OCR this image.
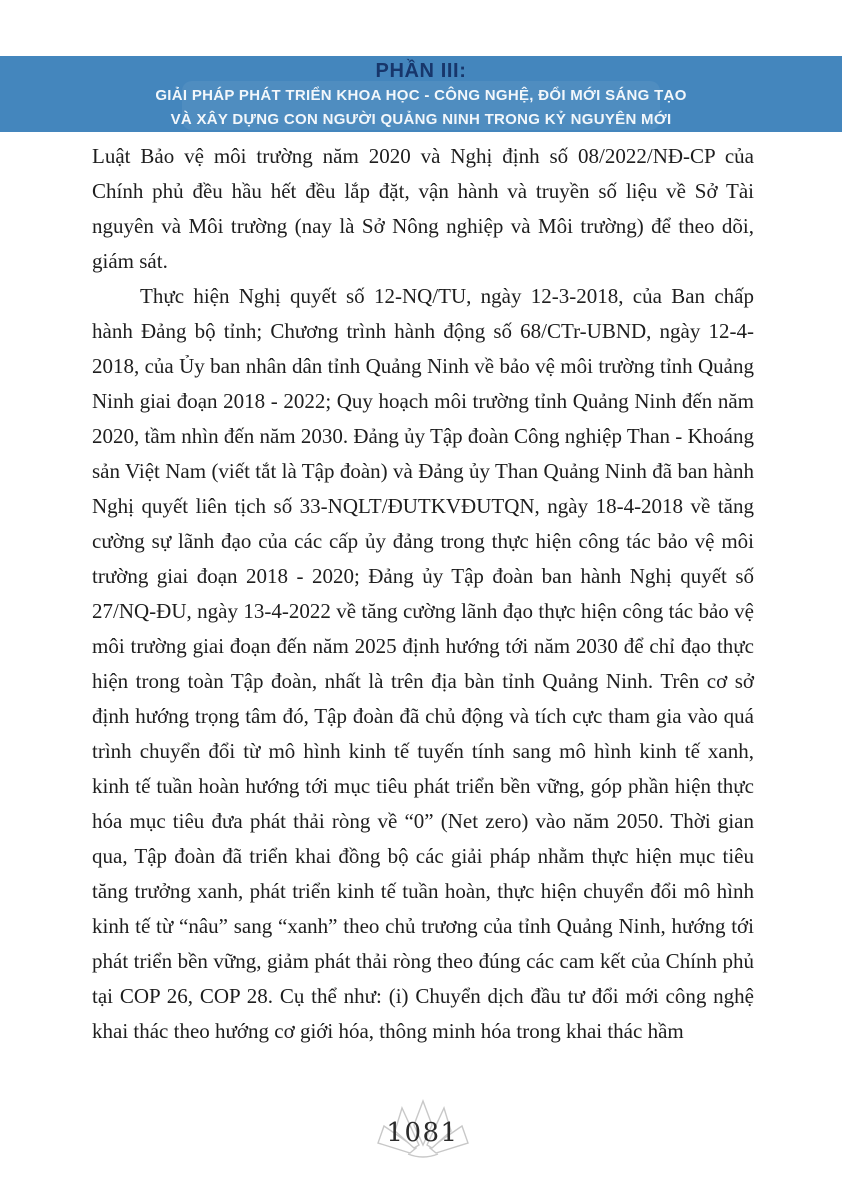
PHẦN III:
GIẢI PHÁP PHÁT TRIỂN KHOA HỌC - CÔNG NGHỆ, ĐỔI MỚI SÁNG TẠO
VÀ XÂY DỰNG CON NGƯỜI QUẢNG NINH TRONG KỶ NGUYÊN MỚI

Luật Bảo vệ môi trường năm 2020 và Nghị định số 08/2022/NĐ-CP của Chính phủ đều hầu hết đều lắp đặt, vận hành và truyền số liệu về Sở Tài nguyên và Môi trường (nay là Sở Nông nghiệp và Môi trường) để theo dõi, giám sát.

Thực hiện Nghị quyết số 12-NQ/TU, ngày 12-3-2018, của Ban chấp hành Đảng bộ tỉnh; Chương trình hành động số 68/CTr-UBND, ngày 12-4-2018, của Ủy ban nhân dân tỉnh Quảng Ninh về bảo vệ môi trường tỉnh Quảng Ninh giai đoạn 2018 - 2022; Quy hoạch môi trường tỉnh Quảng Ninh đến năm 2020, tầm nhìn đến năm 2030. Đảng ủy Tập đoàn Công nghiệp Than - Khoáng sản Việt Nam (viết tắt là Tập đoàn) và Đảng ủy Than Quảng Ninh đã ban hành Nghị quyết liên tịch số 33-NQLT/ĐUTKVĐUTQN, ngày 18-4-2018 về tăng cường sự lãnh đạo của các cấp ủy đảng trong thực hiện công tác bảo vệ môi trường giai đoạn 2018 - 2020; Đảng ủy Tập đoàn ban hành Nghị quyết số 27/NQ-ĐU, ngày 13-4-2022 về tăng cường lãnh đạo thực hiện công tác bảo vệ môi trường giai đoạn đến năm 2025 định hướng tới năm 2030 để chỉ đạo thực hiện trong toàn Tập đoàn, nhất là trên địa bàn tỉnh Quảng Ninh. Trên cơ sở định hướng trọng tâm đó, Tập đoàn đã chủ động và tích cực tham gia vào quá trình chuyển đổi từ mô hình kinh tế tuyến tính sang mô hình kinh tế xanh, kinh tế tuần hoàn hướng tới mục tiêu phát triển bền vững, góp phần hiện thực hóa mục tiêu đưa phát thải ròng về “0” (Net zero) vào năm 2050. Thời gian qua, Tập đoàn đã triển khai đồng bộ các giải pháp nhằm thực hiện mục tiêu tăng trưởng xanh, phát triển kinh tế tuần hoàn, thực hiện chuyển đổi mô hình kinh tế từ “nâu” sang “xanh” theo chủ trương của tỉnh Quảng Ninh, hướng tới phát triển bền vững, giảm phát thải ròng theo đúng các cam kết của Chính phủ tại COP 26, COP 28. Cụ thể như: (i) Chuyển dịch đầu tư đổi mới công nghệ khai thác theo hướng cơ giới hóa, thông minh hóa trong khai thác hầm

1081
